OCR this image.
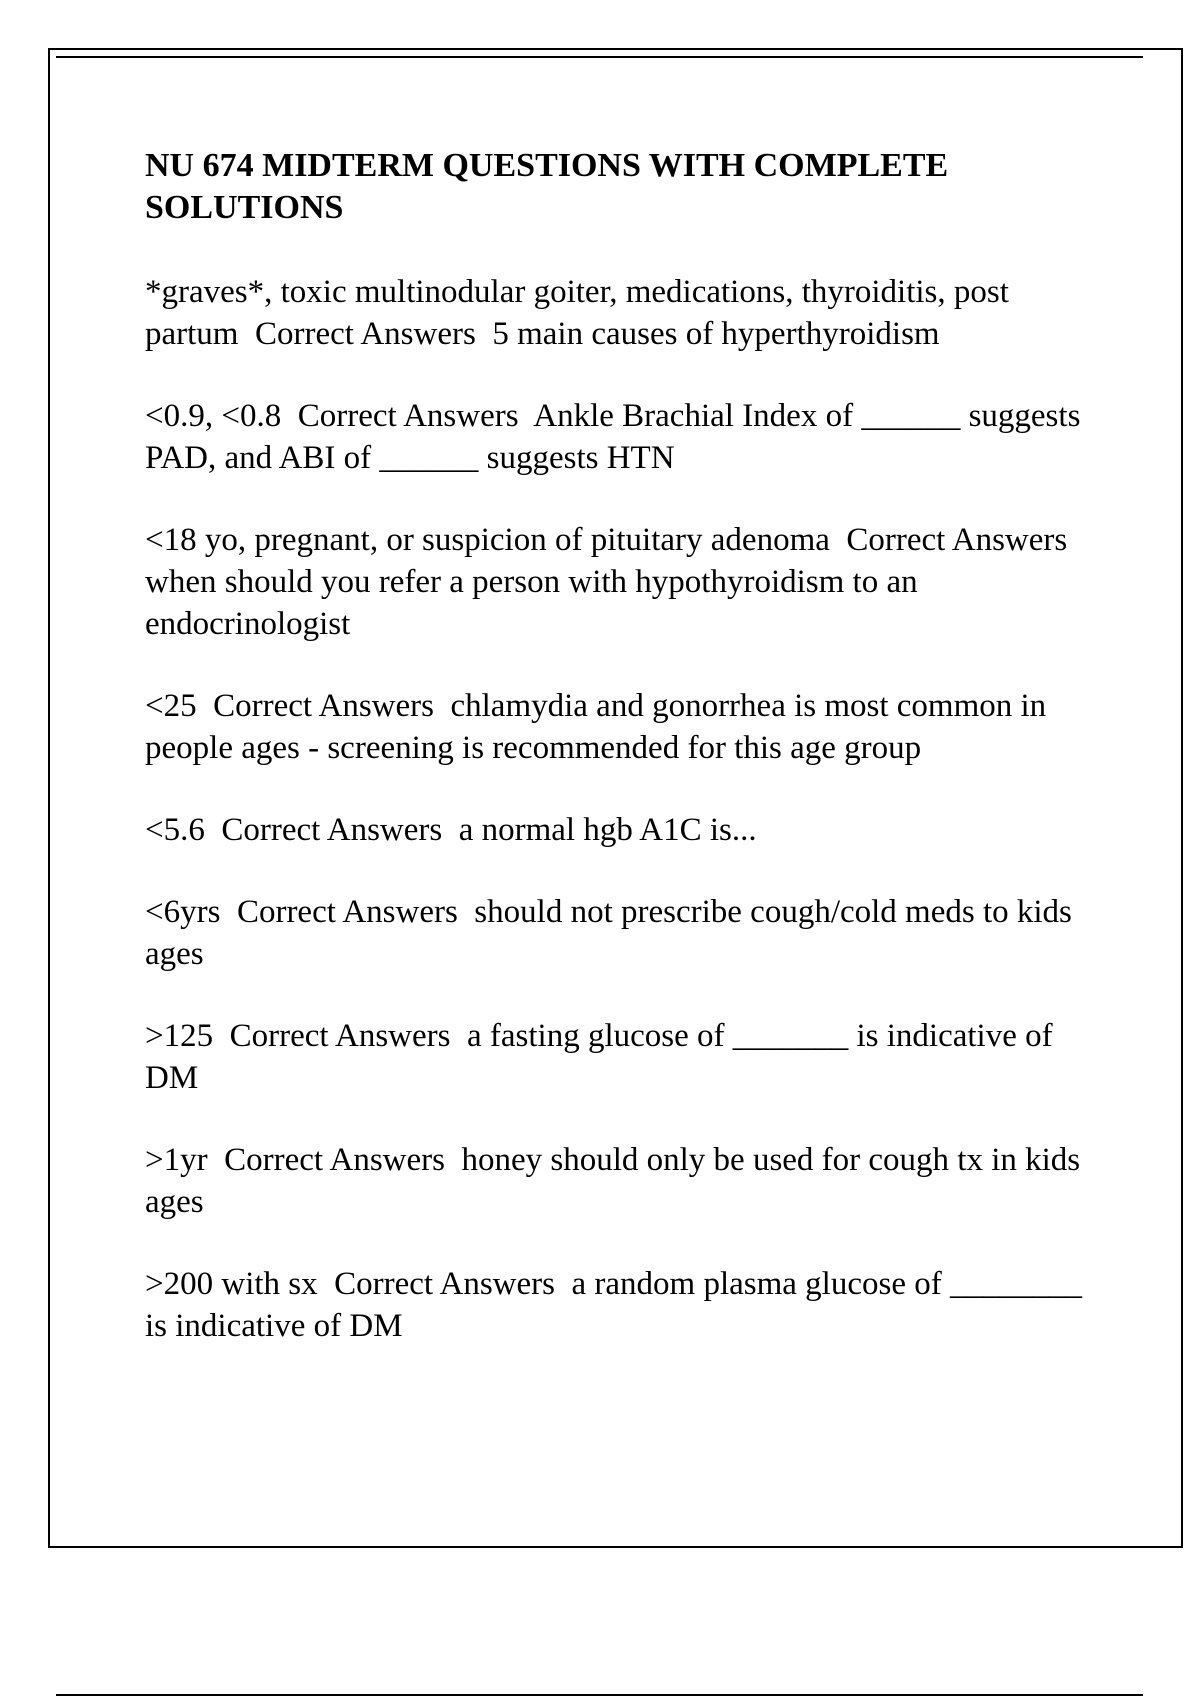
NU 674 MIDTERM QUESTIONS WITH COMPLETE SOLUTIONS
*graves*, toxic multinodular goiter, medications, thyroiditis, post partum  Correct Answers  5 main causes of hyperthyroidism
<0.9, <0.8  Correct Answers  Ankle Brachial Index of ______ suggests PAD, and ABI of ______ suggests HTN
<18 yo, pregnant, or suspicion of pituitary adenoma  Correct Answers  when should you refer a person with hypothyroidism to an endocrinologist
<25  Correct Answers  chlamydia and gonorrhea is most common in people ages - screening is recommended for this age group
<5.6  Correct Answers  a normal hgb A1C is...
<6yrs  Correct Answers  should not prescribe cough/cold meds to kids ages
>125  Correct Answers  a fasting glucose of _______ is indicative of DM
>1yr  Correct Answers  honey should only be used for cough tx in kids ages
>200 with sx  Correct Answers  a random plasma glucose of ________ is indicative of DM
